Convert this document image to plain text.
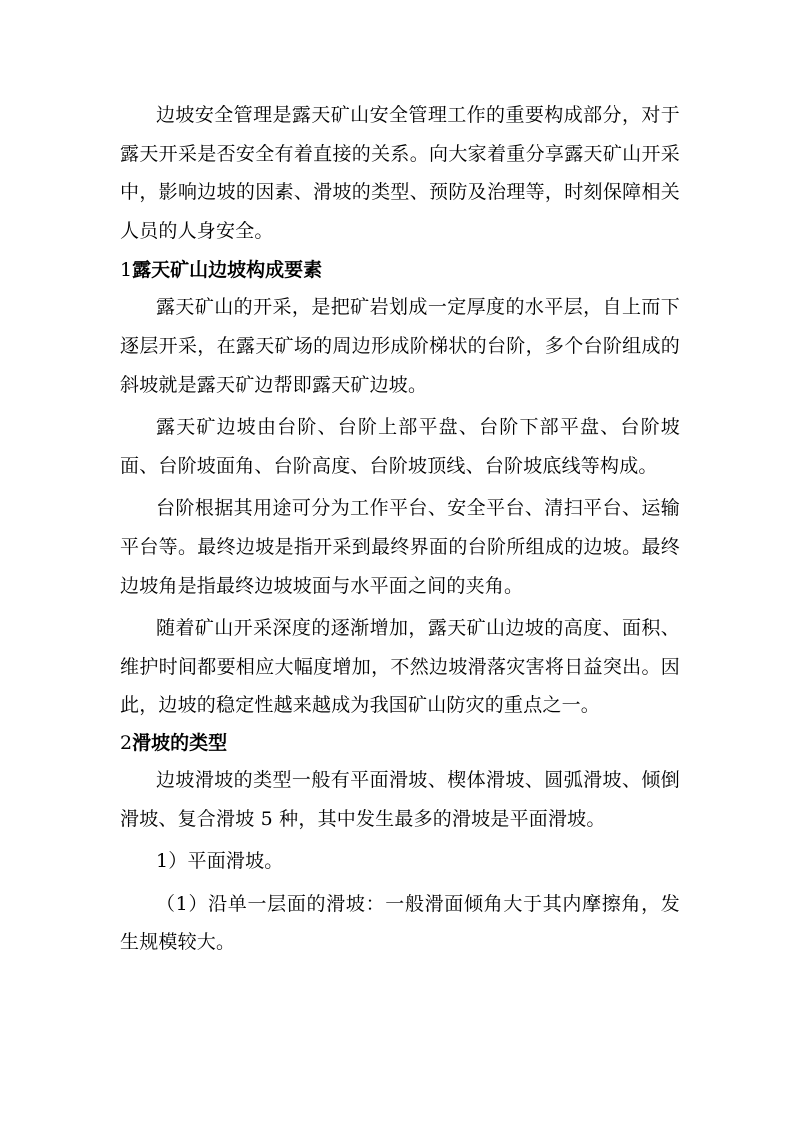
边坡安全管理是露天矿山安全管理工作的重要构成部分，对于露天开采是否安全有着直接的关系。向大家着重分享露天矿山开采中，影响边坡的因素、滑坡的类型、预防及治理等，时刻保障相关人员的人身安全。

1露天矿山边坡构成要素

露天矿山的开采，是把矿岩划成一定厚度的水平层，自上而下逐层开采，在露天矿场的周边形成阶梯状的台阶，多个台阶组成的斜坡就是露天矿边帮即露天矿边坡。

露天矿边坡由台阶、台阶上部平盘、台阶下部平盘、台阶坡面、台阶坡面角、台阶高度、台阶坡顶线、台阶坡底线等构成。

台阶根据其用途可分为工作平台、安全平台、清扫平台、运输平台等。最终边坡是指开采到最终界面的台阶所组成的边坡。最终边坡角是指最终边坡坡面与水平面之间的夹角。

随着矿山开采深度的逐渐增加，露天矿山边坡的高度、面积、维护时间都要相应大幅度增加，不然边坡滑落灾害将日益突出。因此，边坡的稳定性越来越成为我国矿山防灾的重点之一。

2滑坡的类型

边坡滑坡的类型一般有平面滑坡、楔体滑坡、圆弧滑坡、倾倒滑坡、复合滑坡 5 种，其中发生最多的滑坡是平面滑坡。

1）平面滑坡。

（1）沿单一层面的滑坡：一般滑面倾角大于其内摩擦角，发生规模较大。
